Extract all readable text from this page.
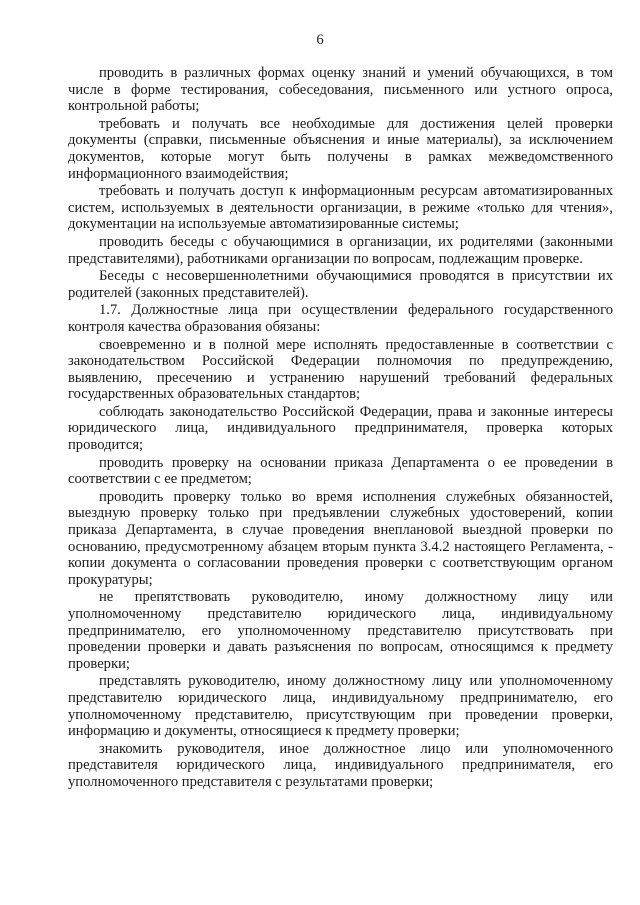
6

проводить в различных формах оценку знаний и умений обучающихся, в том числе в форме тестирования, собеседования, письменного или устного опроса, контрольной работы;

требовать и получать все необходимые для достижения целей проверки документы (справки, письменные объяснения и иные материалы), за исключением документов, которые могут быть получены в рамках межведомственного информационного взаимодействия;

требовать и получать доступ к информационным ресурсам автоматизированных систем, используемых в деятельности организации, в режиме «только для чтения», документации на используемые автоматизированные системы;

проводить беседы с обучающимися в организации, их родителями (законными представителями), работниками организации по вопросам, подлежащим проверке.

Беседы с несовершеннолетними обучающимися проводятся в присутствии их родителей (законных представителей).

1.7. Должностные лица при осуществлении федерального государственного контроля качества образования обязаны:

своевременно и в полной мере исполнять предоставленные в соответствии с законодательством Российской Федерации полномочия по предупреждению, выявлению, пресечению и устранению нарушений требований федеральных государственных образовательных стандартов;

соблюдать законодательство Российской Федерации, права и законные интересы юридического лица, индивидуального предпринимателя, проверка которых проводится;

проводить проверку на основании приказа Департамента о ее проведении в соответствии с ее предметом;

проводить проверку только во время исполнения служебных обязанностей, выездную проверку только при предъявлении служебных удостоверений, копии приказа Департамента, в случае проведения внеплановой выездной проверки по основанию, предусмотренному абзацем вторым пункта 3.4.2 настоящего Регламента, - копии документа о согласовании проведения проверки с соответствующим органом прокуратуры;

не препятствовать руководителю, иному должностному лицу или уполномоченному представителю юридического лица, индивидуальному предпринимателю, его уполномоченному представителю присутствовать при проведении проверки и давать разъяснения по вопросам, относящимся к предмету проверки;

представлять руководителю, иному должностному лицу или уполномоченному представителю юридического лица, индивидуальному предпринимателю, его уполномоченному представителю, присутствующим при проведении проверки, информацию и документы, относящиеся к предмету проверки;

знакомить руководителя, иное должностное лицо или уполномоченного представителя юридического лица, индивидуального предпринимателя, его уполномоченного представителя с результатами проверки;
